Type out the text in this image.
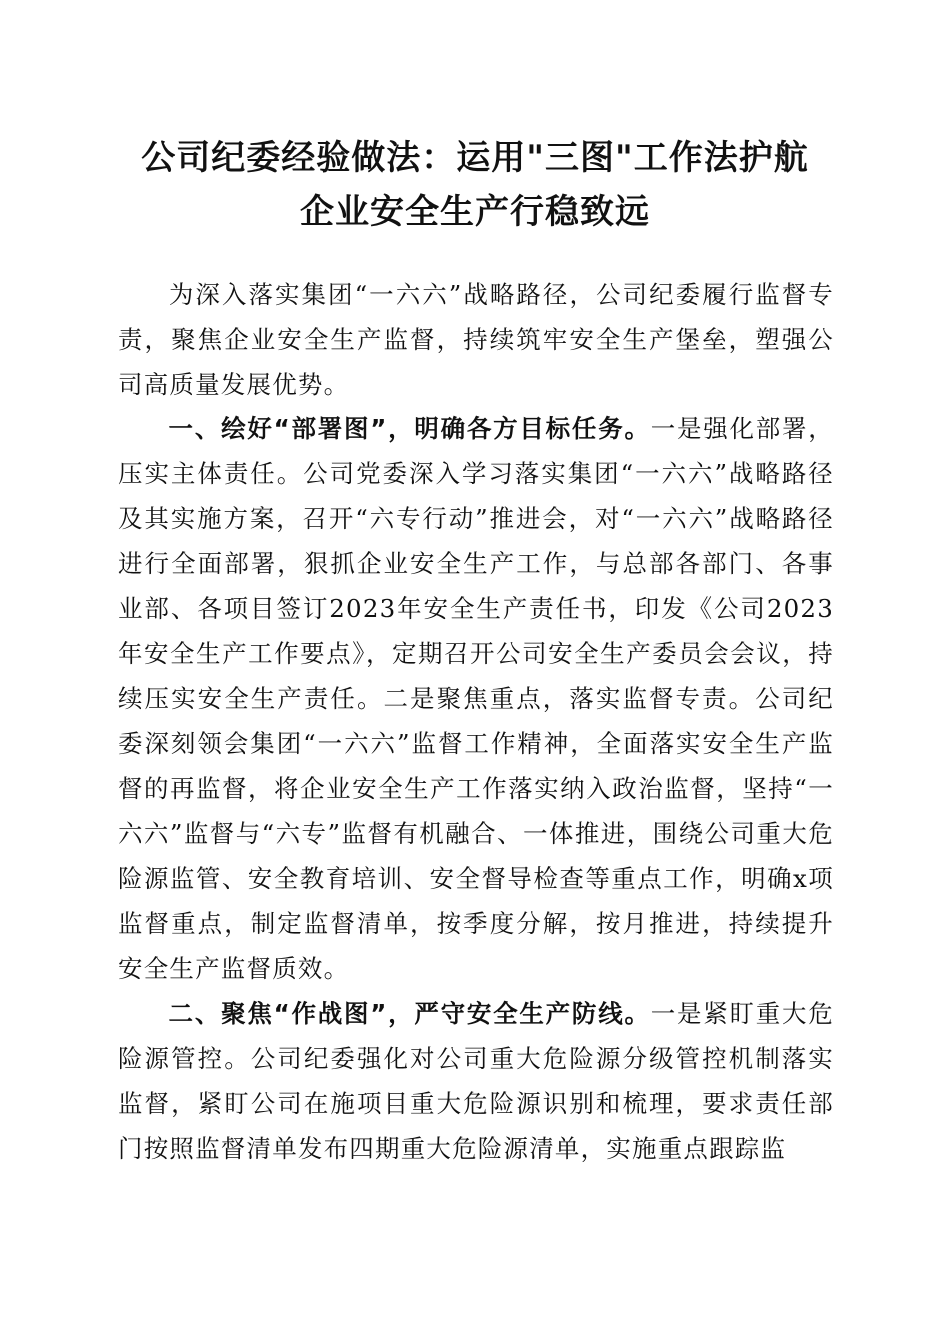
公司纪委经验做法：运用"三图"工作法护航
企业安全生产行稳致远

为深入落实集团“一六六”战略路径，公司纪委履行监督专责，聚焦企业安全生产监督，持续筑牢安全生产堡垒，塑强公司高质量发展优势。

一、绘好“部署图”，明确各方目标任务。一是强化部署，压实主体责任。公司党委深入学习落实集团“一六六”战略路径及其实施方案，召开“六专行动”推进会，对“一六六”战略路径进行全面部署，狠抓企业安全生产工作，与总部各部门、各事业部、各项目签订2023年安全生产责任书，印发《公司2023年安全生产工作要点》，定期召开公司安全生产委员会会议，持续压实安全生产责任。二是聚焦重点，落实监督专责。公司纪委深刻领会集团“一六六”监督工作精神，全面落实安全生产监督的再监督，将企业安全生产工作落实纳入政治监督，坚持“一六六”监督与“六专”监督有机融合、一体推进，围绕公司重大危险源监管、安全教育培训、安全督导检查等重点工作，明确x项监督重点，制定监督清单，按季度分解，按月推进，持续提升安全生产监督质效。

二、聚焦“作战图”，严守安全生产防线。一是紧盯重大危险源管控。公司纪委强化对公司重大危险源分级管控机制落实监督，紧盯公司在施项目重大危险源识别和梳理，要求责任部门按照监督清单发布四期重大危险源清单，实施重点跟踪监
